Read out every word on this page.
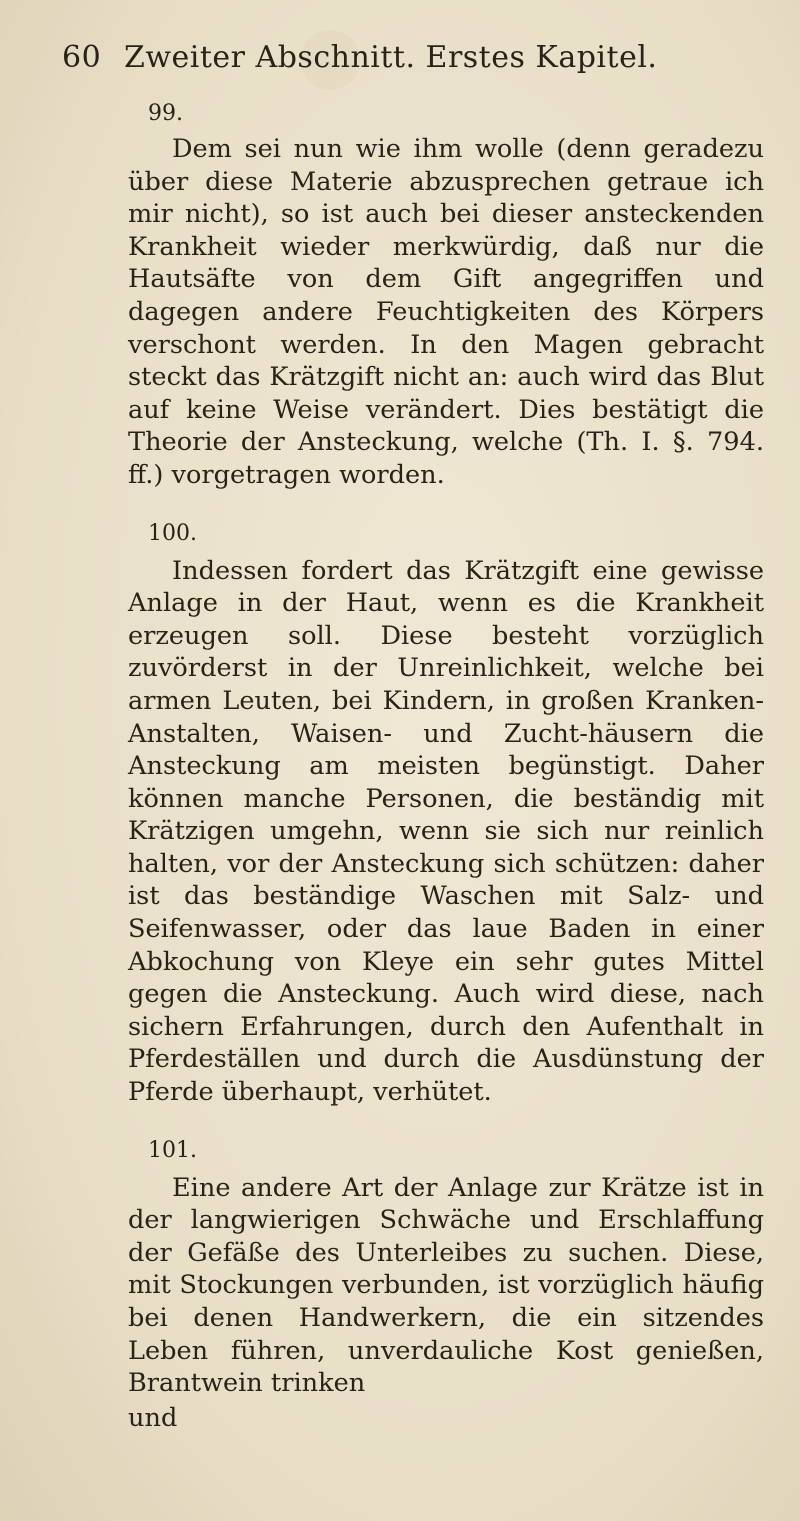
60 Zweiter Abschnitt. Erstes Kapitel.

99.

Dem sei nun wie ihm wolle (denn geradezu über diese Materie abzusprechen getraue ich mir nicht), so ist auch bei dieser ansteckenden Krankheit wieder merkwürdig, daß nur die Hautsäfte von dem Gift angegriffen und dagegen andere Feuchtigkeiten des Körpers verschont werden. In den Magen gebracht steckt das Krätzgift nicht an: auch wird das Blut auf keine Weise verändert. Dies bestätigt die Theorie der Ansteckung, welche (Th. I. §. 794. ff.) vorgetragen worden.

100.

Indessen fordert das Krätzgift eine gewisse Anlage in der Haut, wenn es die Krankheit erzeugen soll. Diese besteht vorzüglich zuvörderst in der Unreinlichkeit, welche bei armen Leuten, bei Kindern, in großen Kranken-Anstalten, Waisen- und Zucht-häusern die Ansteckung am meisten begünstigt. Daher können manche Personen, die beständig mit Krätzigen umgehn, wenn sie sich nur reinlich halten, vor der Ansteckung sich schützen: daher ist das beständige Waschen mit Salz- und Seifenwasser, oder das laue Baden in einer Abkochung von Kleye ein sehr gutes Mittel gegen die Ansteckung. Auch wird diese, nach sichern Erfahrungen, durch den Aufenthalt in Pferdeställen und durch die Ausdünstung der Pferde überhaupt, verhütet.

101.

Eine andere Art der Anlage zur Krätze ist in der langwierigen Schwäche und Erschlaffung der Gefäße des Unterleibes zu suchen. Diese, mit Stockungen verbunden, ist vorzüglich häufig bei denen Handwerkern, die ein sitzendes Leben führen, unverdauliche Kost genießen, Brantwein trinken

und
